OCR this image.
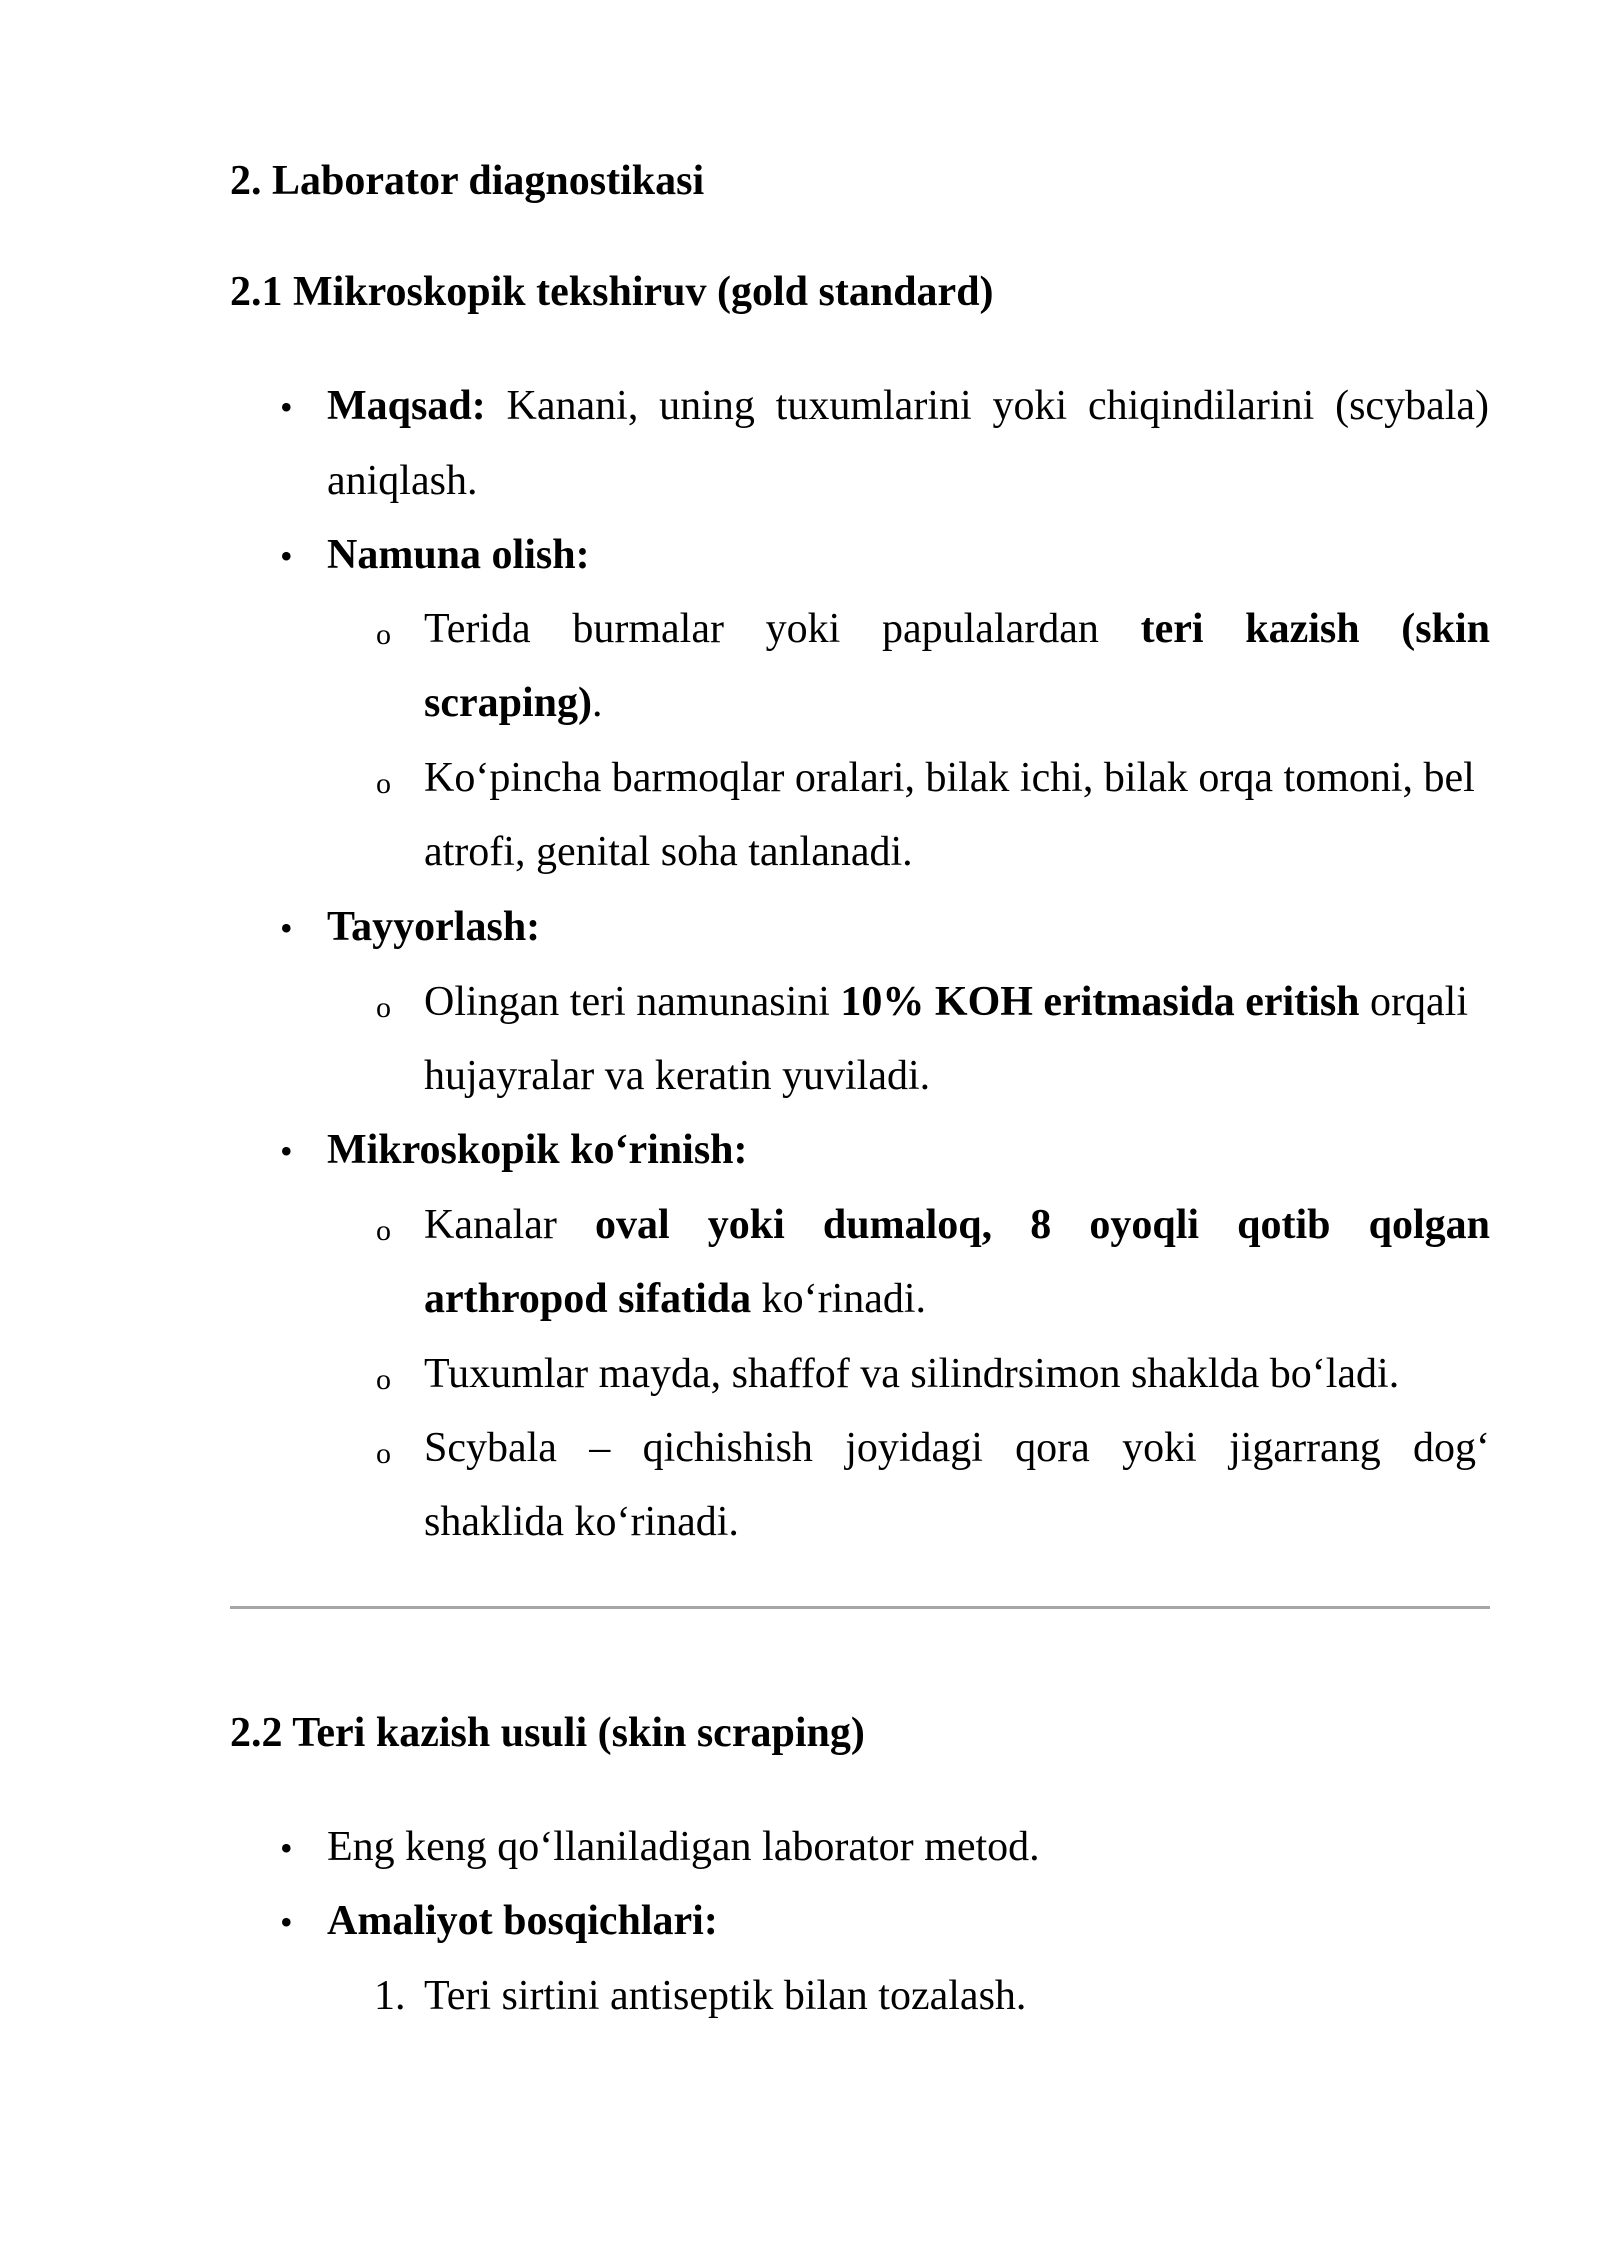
2. Laborator diagnostikasi
2.1 Mikroskopik tekshiruv (gold standard)
• Maqsad: Kanani, uning tuxumlarini yoki chiqindilarini (scybala)
aniqlash.
• Namuna olish:
o Terida burmalar yoki papulalardan teri kazish (skin
scraping).
o Ko‘pincha barmoqlar oralari, bilak ichi, bilak orqa tomoni, bel
atrofi, genital soha tanlanadi.
• Tayyorlash:
o Olingan teri namunasini 10% KOH eritmasida eritish orqali
hujayralar va keratin yuviladi.
• Mikroskopik ko‘rinish:
o Kanalar oval yoki dumaloq, 8 oyoqli qotib qolgan
arthropod sifatida ko‘rinadi.
o Tuxumlar mayda, shaffof va silindrsimon shaklda bo‘ladi.
o Scybala – qichishish joyidagi qora yoki jigarrang dog‘
shaklida ko‘rinadi.
2.2 Teri kazish usuli (skin scraping)
• Eng keng qo‘llaniladigan laborator metod.
• Amaliyot bosqichlari:
1. Teri sirtini antiseptik bilan tozalash.
